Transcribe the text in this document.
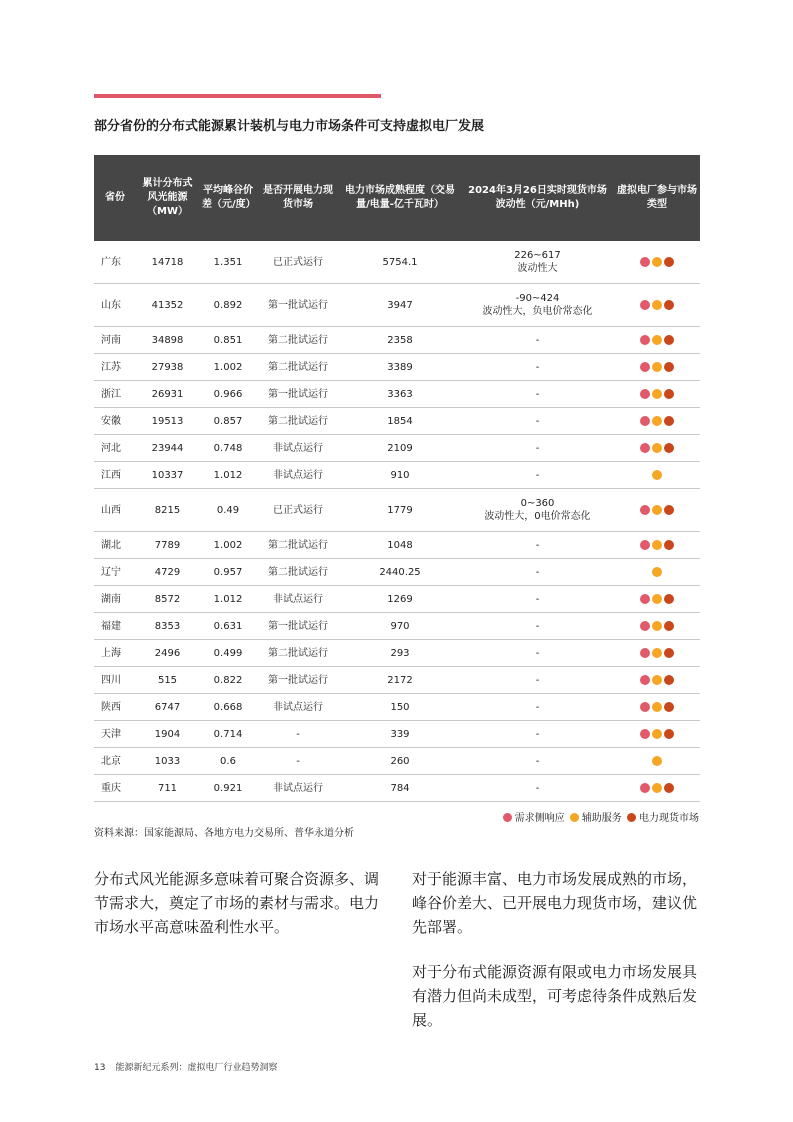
部分省份的分布式能源累计装机与电力市场条件可支持虚拟电厂发展
省份	累计分布式风光能源（MW）	平均峰谷价差（元/度）	是否开展电力现货市场	电力市场成熟程度（交易量/电量-亿千瓦时）	2024年3月26日实时现货市场波动性（元/MHh)	虚拟电厂参与市场类型
广东	14718	1.351	已正式运行	5754.1	226~617
波动性大	

山东	41352	0.892	第一批试运行	3947	-90~424
波动性大，负电价常态化	

河南	34898	0.851	第二批试运行	2358	-	

江苏	27938	1.002	第二批试运行	3389	-	

浙江	26931	0.966	第一批试运行	3363	-	

安徽	19513	0.857	第二批试运行	1854	-	

河北	23944	0.748	非试点运行	2109	-	

江西	10337	1.012	非试点运行	910	-	

山西	8215	0.49	已正式运行	1779	0~360
波动性大，0电价常态化	

湖北	7789	1.002	第二批试运行	1048	-	

辽宁	4729	0.957	第二批试运行	2440.25	-	

湖南	8572	1.012	非试点运行	1269	-	

福建	8353	0.631	第一批试运行	970	-	

上海	2496	0.499	第二批试运行	293	-	

四川	515	0.822	第一批试运行	2172	-	

陕西	6747	0.668	非试点运行	150	-	

天津	1904	0.714	-	339	-	

北京	1033	0.6	-	260	-	

重庆	711	0.921	非试点运行	784	-	

需求侧响应 辅助服务 电力现货市场
资料来源：国家能源局、各地方电力交易所、普华永道分析

分布式风光能源多意味着可聚合资源多、调节需求大，奠定了市场的素材与需求。电力市场水平高意味盈利性水平。

对于能源丰富、电力市场发展成熟的市场，峰谷价差大、已开展电力现货市场，建议优先部署。

对于分布式能源资源有限或电力市场发展具有潜力但尚未成型，可考虑待条件成熟后发展。

13 能源新纪元系列：虚拟电厂行业趋势洞察
